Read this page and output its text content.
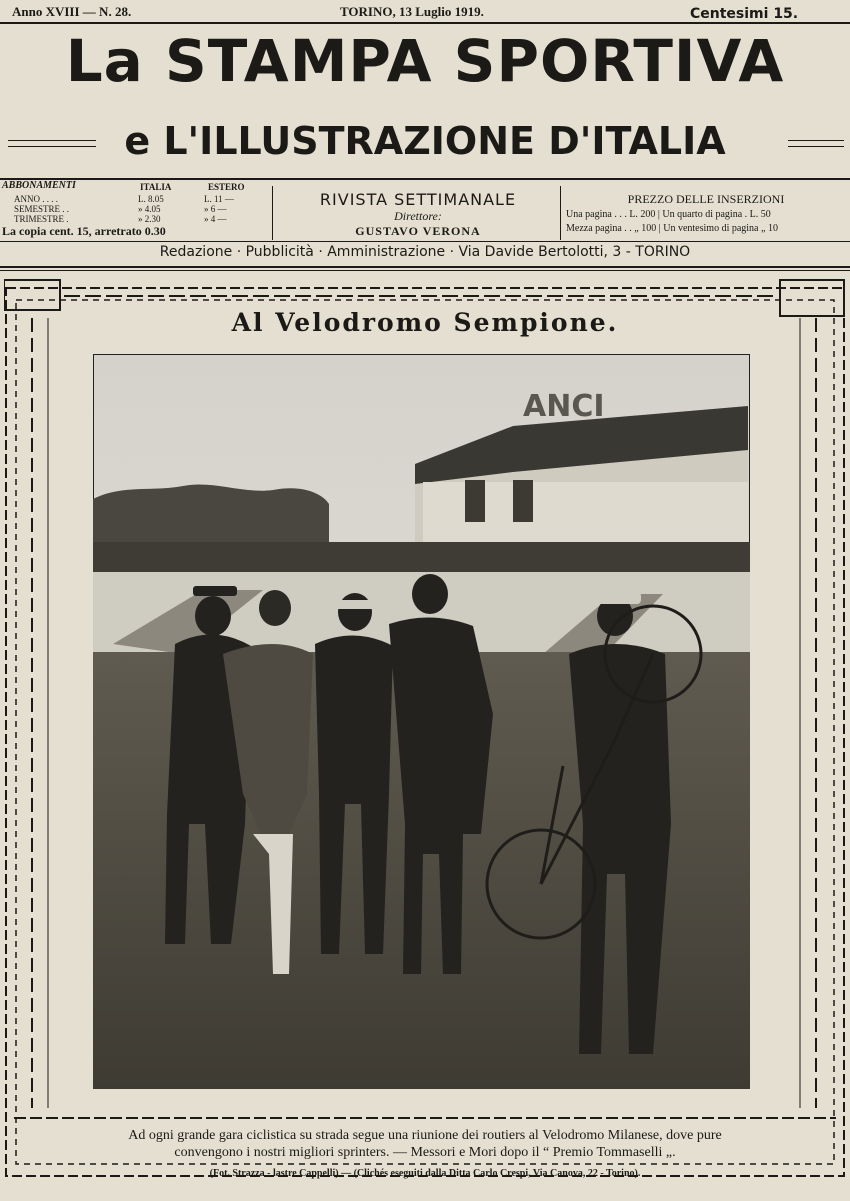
Anno XVIII — N. 28.	TORINO, 13 Luglio 1919.	Centesimi 15.
La STAMPA SPORTIVA
e L'ILLUSTRAZIONE D'ITALIA
ABBONAMENTI	ITALIA	ESTERO
ANNO . . . .	L. 8.05	L. 11 —
SEMESTRE . .	» 4.05	» 6 —
TRIMESTRE .	» 2.30	» 4 —
La copia cent. 15, arretrato 0.30
RIVISTA SETTIMANALE
Direttore:
GUSTAVO VERONA
PREZZO DELLE INSERZIONI
Una pagina . . . L. 200 | Un quarto di pagina . L. 50
Mezza pagina . . „ 100 | Un ventesimo di pagina „ 10
Redazione · Pubblicità · Amministrazione · Via Davide Bertolotti, 3 - TORINO
Al Velodromo Sempione.
ANCI
Ad ogni grande gara ciclistica su strada segue una riunione dei routiers al Velodromo Milanese, dove pure
convengono i nostri migliori sprinters. — Messori e Mori dopo il “ Premio Tommaselli „.
(Fot. Strazza - lastre Cappelli) — (Clichés eseguiti dalla Ditta Carlo Crespi, Via Canova, 22 - Torino).
